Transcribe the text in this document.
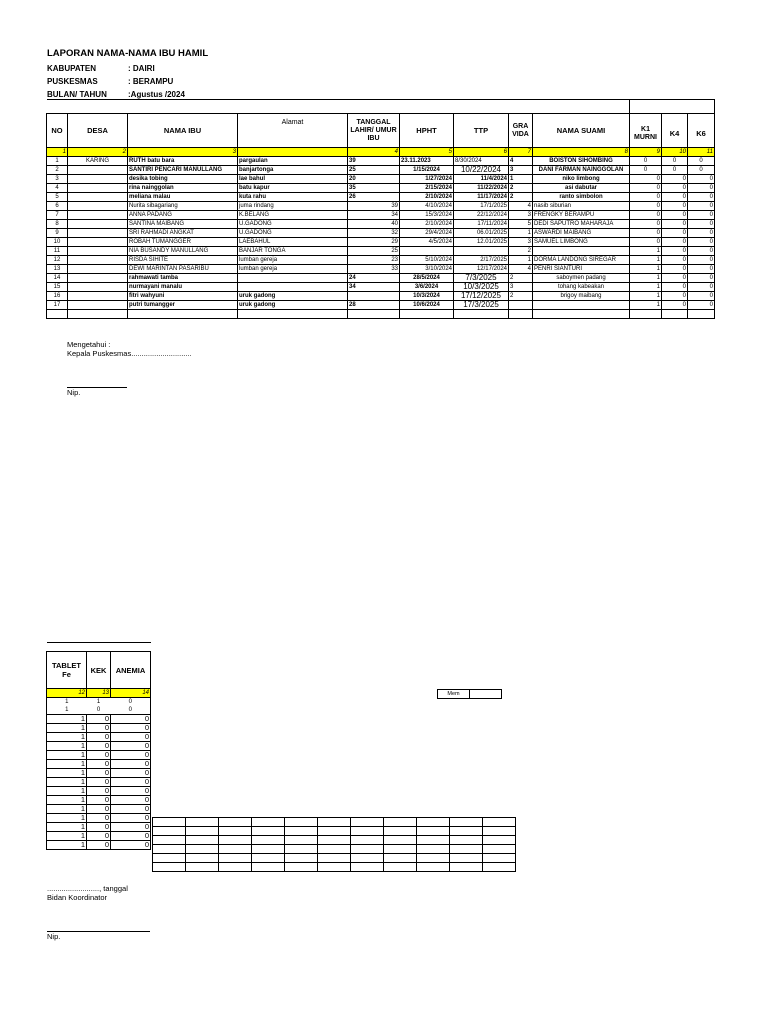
LAPORAN NAMA-NAMA IBU HAMIL
KABUPATEN	: DAIRI
PUSKESMAS	: BERAMPU
BULAN/ TAHUN	:Agustus /2024

NO	DESA	NAMA IBU	Alamat	TANGGAL LAHIR/ UMUR IBU	HPHT	TTP	GRA VIDA	NAMA SUAMI	K1 MURNI	K4	K6
1	2	3		4	5	6	7	8	9	10	11
1	KARING	RUTH batu bara	pargaulan	39	23.11.2023	8/30/2024	4	BOISTON SIHOMBING	0	0	0
2		SANTIRI PENCARI MANULLANG	banjartonga	25	1/15/2024	10/22/2024	3	DANI FARMAN NAINGGOLAN	0	0	0
3		desika tobing	lae bahul	20	1/27/2024	11/4/2024	1	niko limbong	0	0	0
4		rina nainggolan	batu kapur	35	2/15/2024	11/22/2024	2	asi dabutar	0	0	0
5		meliana malau	kuta rahu	26	2/10/2024	11/17/2024	2	ranto simbolon	0	0	0
6		Nurita sibagariang	juma rindang	39	4/10/2024	17/1/2025	4	nasib siburian	0	0	0
7		ANNA PADANG	K.BELANG	34	15/3/2024	22/12/2024	3	FRENGKY BERAMPU	0	0	0
8		SANTINA MAIBANG	U.GADONG	40	2/10/2024	17/11/2024	5	DEDI SAPUTRO MAHARAJA	0	0	0
9		SRI RAHMADI ANGKAT	U.GADONG	32	29/4/2024	06.01/2025	1	ASWARDI MAIBANG	0	0	0
10		ROBAH TUMANGGER	LAEBAHUL	29	4/5/2024	12.01/2025	3	SAMUEL LIMBONG	0	0	0
11		NIA BUSANDY MANULLANG	BANJAR TONGA	25			2		1	0	0
12		RISDA SIHITE	lumban gereja	23	5/10/2024	2/17/2025	1	DORMA LANDONG SIREGAR	1	0	0
13		DEWI MARINTAN PASARIBU	lumban gereja	33	3/10/2024	12/17/2024	4	PENRI SIANTURI	1	0	0
14		rahmawati tamba		24	28/5/2024	7/3/2025	2	saboymen padang	1	0	0
15		nurmayani manalu		34	3/6/2024	10/3/2025	3	tohang kabeakan	1	0	0
16		fitri wahyuni	uruk gadong		10/3/2024	17/12/2025	2	brigoy maibang	1	0	0
17		putri tumangger	uruk gadong	28	10/6/2024	17/3/2025			1	0	0

Mengetahui :
Kepala Puskesmas.............................
Nip.

TABLET Fe	KEK	ANEMIA
12	13	14
1	1	0
1	0	0
1	0	0
1	0	0
1	0	0
1	0	0
1	0	0
1	0	0
1	0	0
1	0	0
1	0	0
1	0	0
1	0	0
1	0	0
1	0	0
1	0	0
1	0	0
Mem	

........................., tanggal
Bidan Koordinator
Nip.
